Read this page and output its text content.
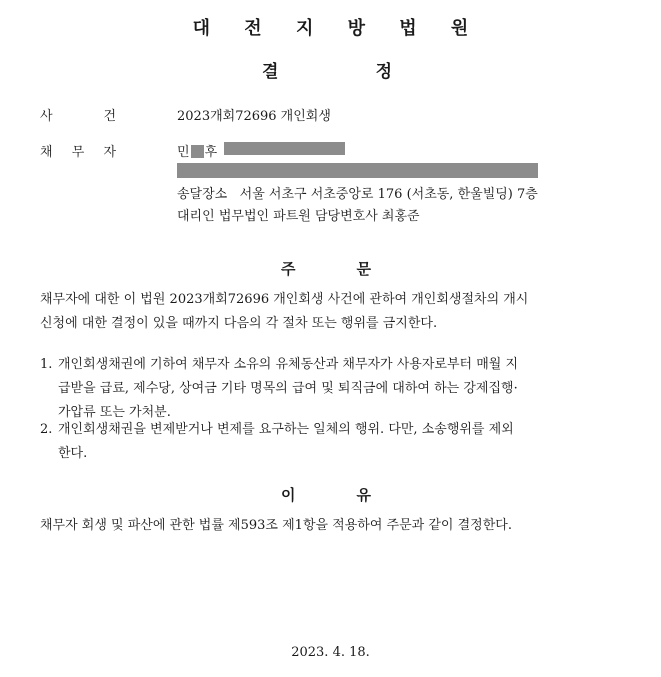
대 전 지 방 법 원
결	정
사	건	2023개회72696 개인회생
채 무 자	민 후
송달장소 서울 서초구 서초중앙로 176 (서초동, 한울빌딩) 7층
대리인 법무법인 파트원 담당변호사 최홍준
주	문
채무자에 대한 이 법원 2023개회72696 개인회생 사건에 관하여 개인회생절차의 개시
신청에 대한 결정이 있을 때까지 다음의 각 절차 또는 행위를 금지한다.
1. 개인회생채권에 기하여 채무자 소유의 유체동산과 채무자가 사용자로부터 매월 지
급받을 급료, 제수당, 상여금 기타 명목의 급여 및 퇴직금에 대하여 하는 강제집행·
가압류 또는 가처분.
2. 개인회생채권을 변제받거나 변제를 요구하는 일체의 행위. 다만, 소송행위를 제외
한다.
이	유
채무자 회생 및 파산에 관한 법률 제593조 제1항을 적용하여 주문과 같이 결정한다.
2023. 4. 18.
